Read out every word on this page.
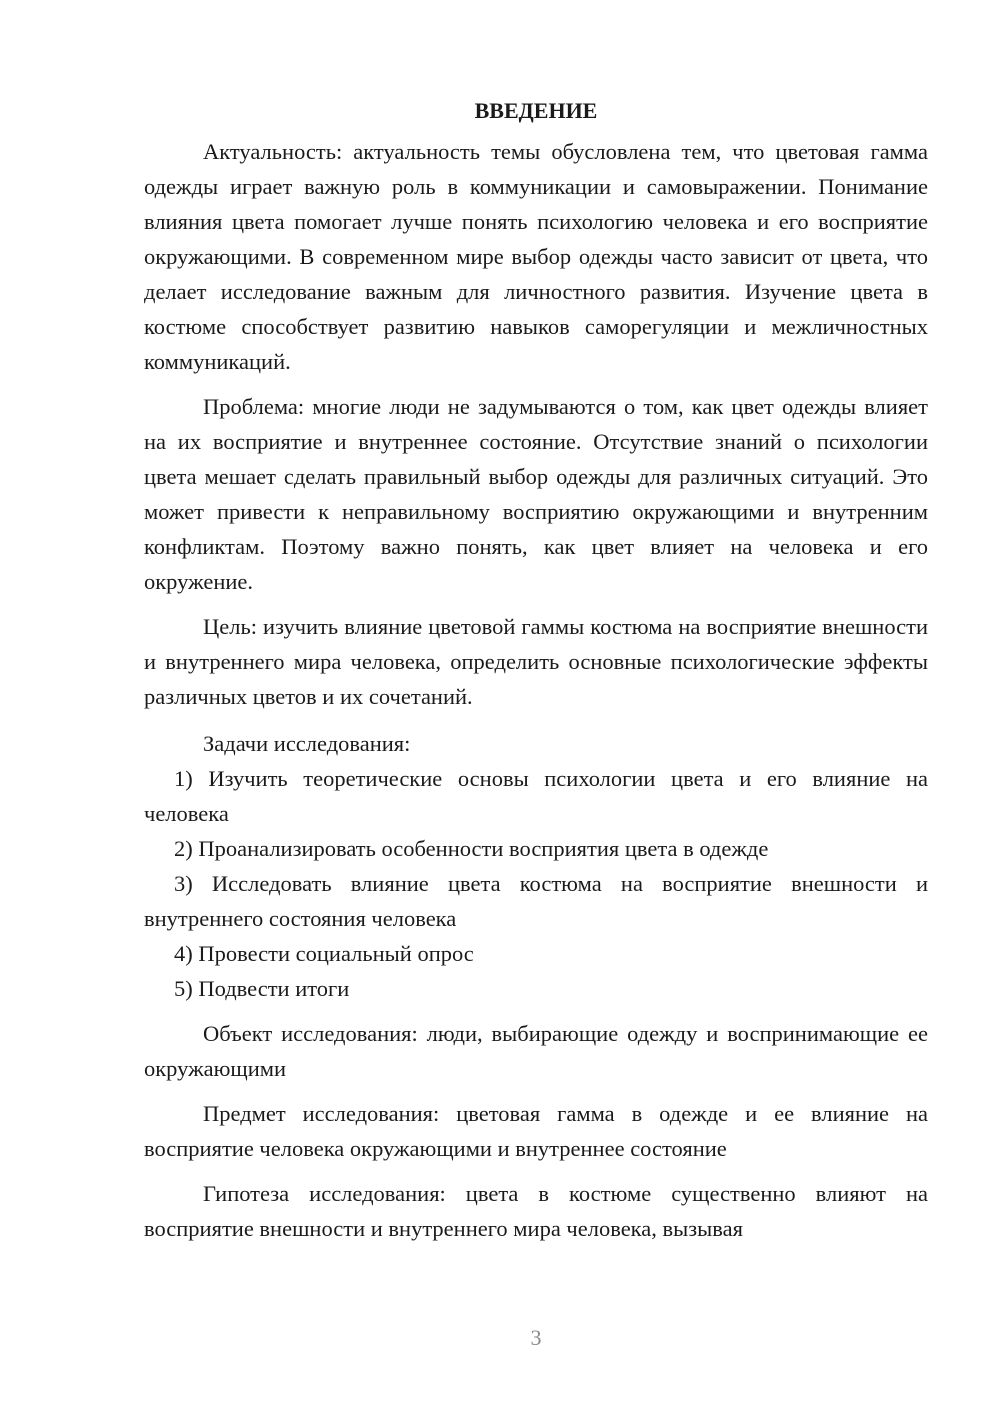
ВВЕДЕНИЕ

Актуальность: актуальность темы обусловлена тем, что цветовая гамма одежды играет важную роль в коммуникации и самовыражении. Понимание влияния цвета помогает лучше понять психологию человека и его восприятие окружающими. В современном мире выбор одежды часто зависит от цвета, что делает исследование важным для личностного развития. Изучение цвета в костюме способствует развитию навыков саморегуляции и межличностных коммуникаций.

Проблема: многие люди не задумываются о том, как цвет одежды влияет на их восприятие и внутреннее состояние. Отсутствие знаний о психологии цвета мешает сделать правильный выбор одежды для различных ситуаций. Это может привести к неправильному восприятию окружающими и внутренним конфликтам. Поэтому важно понять, как цвет влияет на человека и его окружение.

Цель: изучить влияние цветовой гаммы костюма на восприятие внешности и внутреннего мира человека, определить основные психологические эффекты различных цветов и их сочетаний.

Задачи исследования:

1) Изучить теоретические основы психологии цвета и его влияние на человека

2) Проанализировать особенности восприятия цвета в одежде

3) Исследовать влияние цвета костюма на восприятие внешности и внутреннего состояния человека

4) Провести социальный опрос

5) Подвести итоги

Объект исследования: люди, выбирающие одежду и воспринимающие ее окружающими

Предмет исследования: цветовая гамма в одежде и ее влияние на восприятие человека окружающими и внутреннее состояние

Гипотеза исследования: цвета в костюме существенно влияют на восприятие внешности и внутреннего мира человека, вызывая

3
